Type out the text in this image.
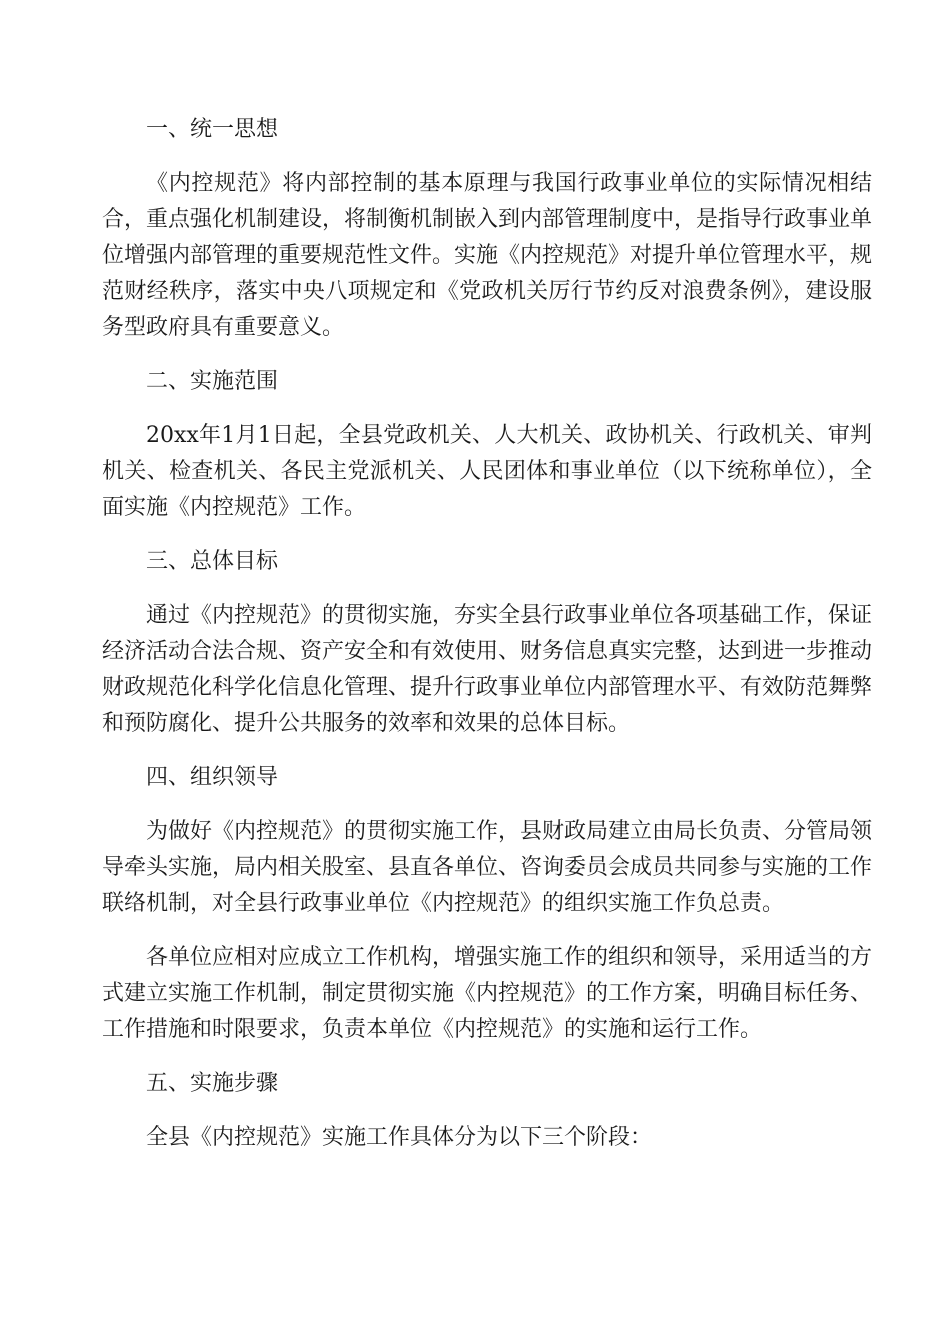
一、统一思想

《内控规范》将内部控制的基本原理与我国行政事业单位的实际情况相结合，重点强化机制建设，将制衡机制嵌入到内部管理制度中，是指导行政事业单位增强内部管理的重要规范性文件。实施《内控规范》对提升单位管理水平，规范财经秩序，落实中央八项规定和《党政机关厉行节约反对浪费条例》，建设服务型政府具有重要意义。

二、实施范围

20xx年1月1日起，全县党政机关、人大机关、政协机关、行政机关、审判机关、检查机关、各民主党派机关、人民团体和事业单位（以下统称单位），全面实施《内控规范》工作。

三、总体目标

通过《内控规范》的贯彻实施，夯实全县行政事业单位各项基础工作，保证经济活动合法合规、资产安全和有效使用、财务信息真实完整，达到进一步推动财政规范化科学化信息化管理、提升行政事业单位内部管理水平、有效防范舞弊和预防腐化、提升公共服务的效率和效果的总体目标。

四、组织领导

为做好《内控规范》的贯彻实施工作，县财政局建立由局长负责、分管局领导牵头实施，局内相关股室、县直各单位、咨询委员会成员共同参与实施的工作联络机制，对全县行政事业单位《内控规范》的组织实施工作负总责。

各单位应相对应成立工作机构，增强实施工作的组织和领导，采用适当的方式建立实施工作机制，制定贯彻实施《内控规范》的工作方案，明确目标任务、工作措施和时限要求，负责本单位《内控规范》的实施和运行工作。

五、实施步骤

全县《内控规范》实施工作具体分为以下三个阶段：
